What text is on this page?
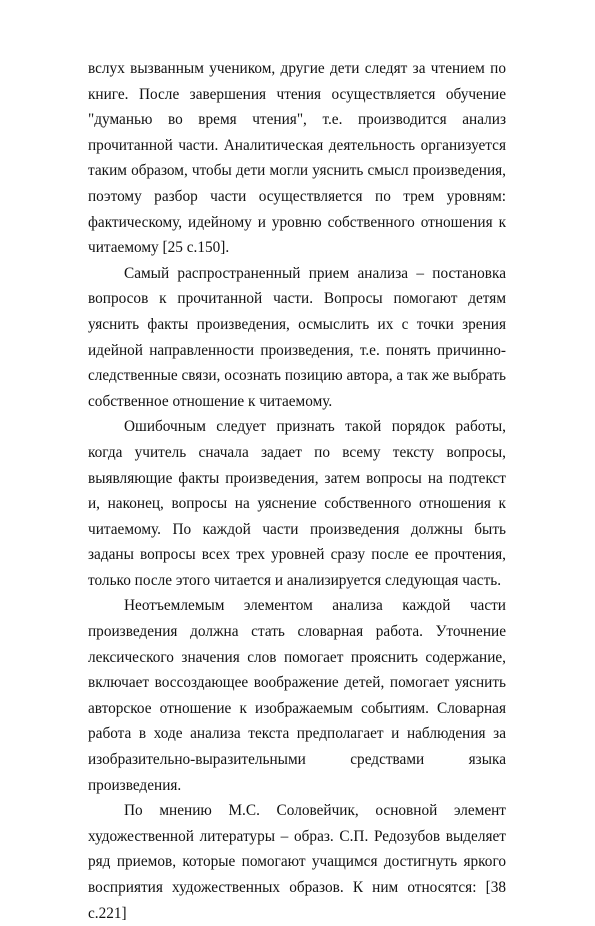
вслух вызванным учеником, другие дети следят за чтением по книге. После завершения чтения осуществляется обучение "думанью во время чтения", т.е. производится анализ прочитанной части. Аналитическая деятельность организуется таким образом, чтобы дети могли уяснить смысл произведения, поэтому разбор части осуществляется по трем уровням: фактическому, идейному и уровню собственного отношения к читаемому [25 с.150].

Самый распространенный прием анализа – постановка вопросов к прочитанной части. Вопросы помогают детям уяснить факты произведения, осмыслить их с точки зрения идейной направленности произведения, т.е. понять причинно-следственные связи, осознать позицию автора, а так же выбрать собственное отношение к читаемому.

Ошибочным следует признать такой порядок работы, когда учитель сначала задает по всему тексту вопросы, выявляющие факты произведения, затем вопросы на подтекст и, наконец, вопросы на уяснение собственного отношения к читаемому. По каждой части произведения должны быть заданы вопросы всех трех уровней сразу после ее прочтения, только после этого читается и анализируется следующая часть.

Неотъемлемым элементом анализа каждой части произведения должна стать словарная работа. Уточнение лексического значения слов помогает прояснить содержание, включает воссоздающее воображение детей, помогает уяснить авторское отношение к изображаемым событиям. Словарная работа в ходе анализа текста предполагает и наблюдения за изобразительно-выразительными средствами языка произведения.

По мнению М.С. Соловейчик, основной элемент художественной литературы – образ. С.П. Редозубов выделяет ряд приемов, которые помогают учащимся достигнуть яркого восприятия художественных образов. К ним относятся: [38 с.221]
